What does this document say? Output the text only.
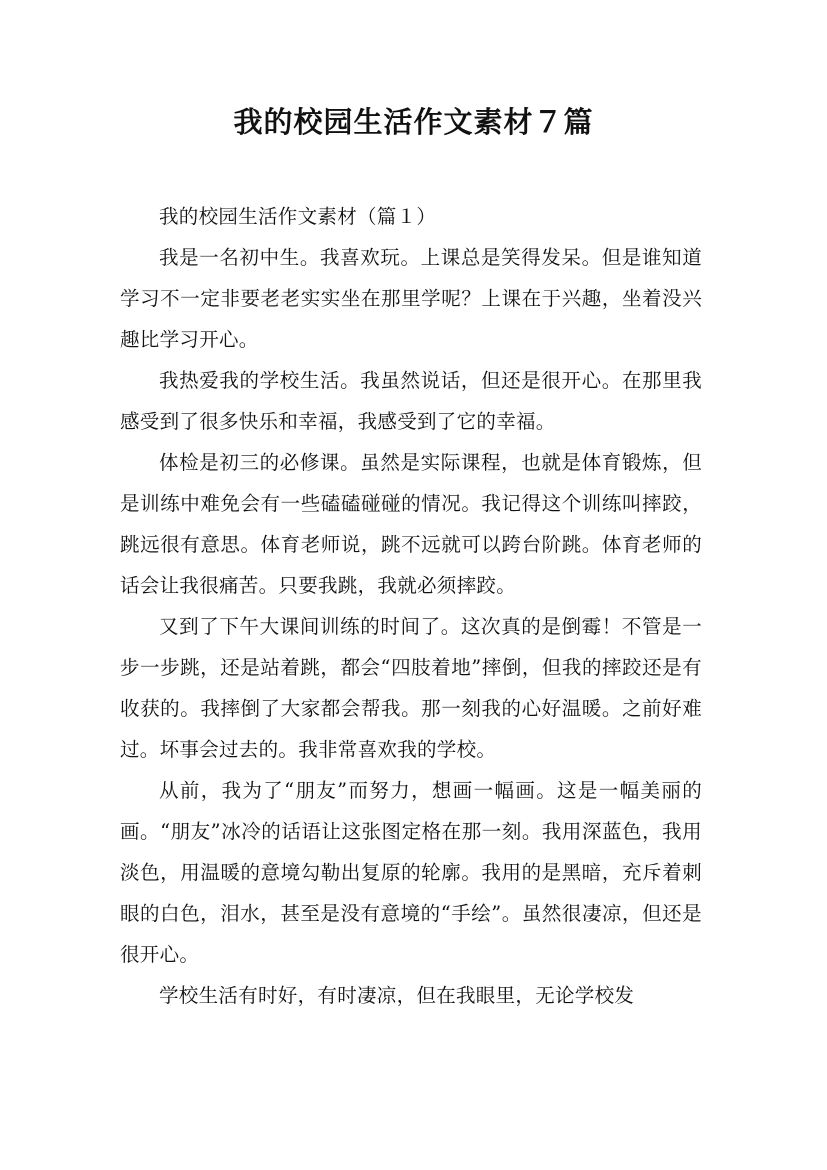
我的校园生活作文素材７篇

我的校园生活作文素材（篇１）

我是一名初中生。我喜欢玩。上课总是笑得发呆。但是谁知道学习不一定非要老老实实坐在那里学呢？上课在于兴趣，坐着没兴趣比学习开心。

我热爱我的学校生活。我虽然说话，但还是很开心。在那里我感受到了很多快乐和幸福，我感受到了它的幸福。

体检是初三的必修课。虽然是实际课程，也就是体育锻炼，但是训练中难免会有一些磕磕碰碰的情况。我记得这个训练叫摔跤，跳远很有意思。体育老师说，跳不远就可以跨台阶跳。体育老师的话会让我很痛苦。只要我跳，我就必须摔跤。

又到了下午大课间训练的时间了。这次真的是倒霉！不管是一步一步跳，还是站着跳，都会“四肢着地”摔倒，但我的摔跤还是有收获的。我摔倒了大家都会帮我。那一刻我的心好温暖。之前好难过。坏事会过去的。我非常喜欢我的学校。

从前，我为了“朋友”而努力，想画一幅画。这是一幅美丽的画。“朋友”冰冷的话语让这张图定格在那一刻。我用深蓝色，我用淡色，用温暖的意境勾勒出复原的轮廓。我用的是黑暗，充斥着刺眼的白色，泪水，甚至是没有意境的“手绘”。虽然很凄凉，但还是很开心。

学校生活有时好，有时凄凉，但在我眼里，无论学校发
